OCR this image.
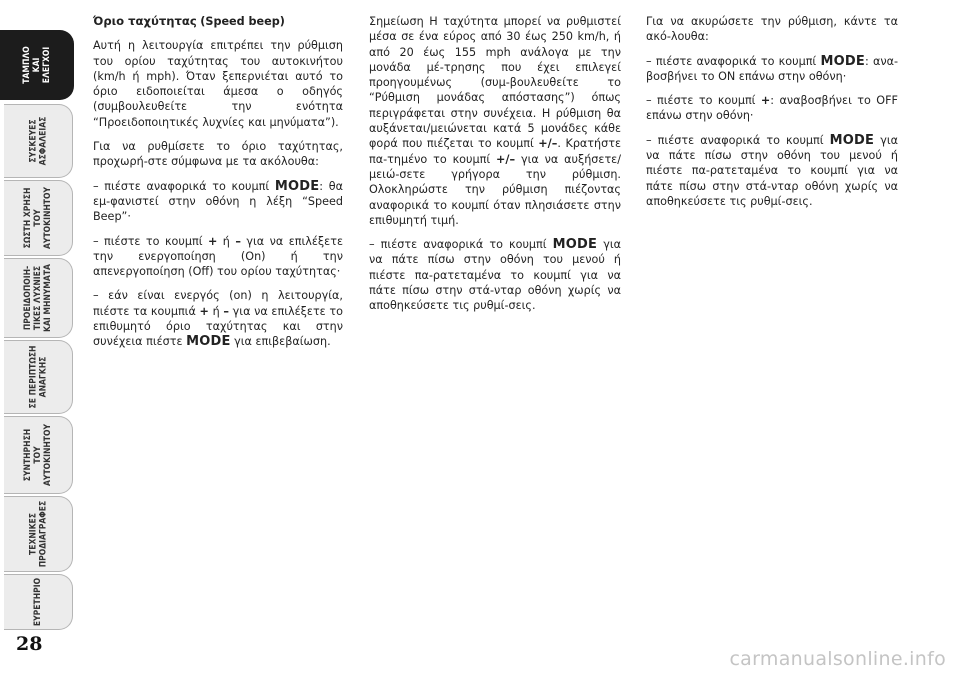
ΤΑΜΠΛΟ
ΚΑΙ
ΕΛΕΓΧΟΙ
ΣΥΣΚΕΥΕΣ
ΑΣΦΑΛΕΙΑΣ
ΣΩΣΤΗ ΧΡΗΣΗ
ΤΟΥ
ΑΥΤΟΚΙΝΗΤΟΥ
ΠΡΟΕΙΔΟΠΟΙΗ-
ΤΙΚΕΣ ΛΥΧΝΙΕΣ
ΚΑΙ ΜΗΝΥΜΑΤΑ
ΣΕ ΠΕΡΙΠΤΩΣΗ
ΑΝΑΓΚΗΣ
ΣΥΝΤΗΡΗΣΗ
ΤΟΥ
ΑΥΤΟΚΙΝΗΤΟΥ
ΤΕΧΝΙΚΕΣ
ΠΡΟΔΙΑΓΡΑΦΕΣ
ΕΥΡΕΤΗΡΙΟ
28

Όριο ταχύτητας (Speed beep)

Αυτή η λειτουργία επιτρέπει την ρύθμιση του ορίου ταχύτητας του αυτοκινήτου (km/h ή mph). Όταν ξεπερνιέται αυτό το όριο ειδοποιείται άμεσα ο οδηγός (συμβουλευθείτε την ενότητα “Προειδοποιητικές λυχνίες και μηνύματα”).

Για να ρυθμίσετε το όριο ταχύτητας, προχωρή-στε σύμφωνα με τα ακόλουθα:

– πιέστε αναφορικά το κουμπί MODE: θα εμ-φανιστεί στην οθόνη η λέξη “Speed Beep”·

– πιέστε το κουμπί + ή – για να επιλέξετε την ενεργοποίηση (On) ή την απενεργοποίηση (Off) του ορίου ταχύτητας·

– εάν είναι ενεργός (on) η λειτουργία, πιέστε τα κουμπιά + ή – για να επιλέξετε το επιθυμητό όριο ταχύτητας και στην συνέχεια πιέστε MODE για επιβεβαίωση.

Σημείωση Η ταχύτητα μπορεί να ρυθμιστεί μέσα σε ένα εύρος από 30 έως 250 km/h, ή από 20 έως 155 mph ανάλογα με την μονάδα μέ-τρησης που έχει επιλεγεί προηγουμένως (συμ-βουλευθείτε το “Ρύθμιση μονάδας απόστασης”) όπως περιγράφεται στην συνέχεια. Η ρύθμιση θα αυξάνεται/μειώνεται κατά 5 μονάδες κάθε φορά που πιέζεται το κουμπί +/–. Κρατήστε πα-τημένο το κουμπί +/– για να αυξήσετε/μειώ-σετε γρήγορα την ρύθμιση. Ολοκληρώστε την ρύθμιση πιέζοντας αναφορικά το κουμπί όταν πλησιάσετε στην επιθυμητή τιμή.

– πιέστε αναφορικά το κουμπί MODE για να πάτε πίσω στην οθόνη του μενού ή πιέστε πα-ρατεταμένα το κουμπί για να πάτε πίσω στην στά-νταρ οθόνη χωρίς να αποθηκεύσετε τις ρυθμί-σεις.

Για να ακυρώσετε την ρύθμιση, κάντε τα ακό-λουθα:

– πιέστε αναφορικά το κουμπί MODE: ανα-βοσβήνει το ON επάνω στην οθόνη·

– πιέστε το κουμπί +: αναβοσβήνει το OFF επάνω στην οθόνη·

– πιέστε αναφορικά το κουμπί MODE για να πάτε πίσω στην οθόνη του μενού ή πιέστε πα-ρατεταμένα το κουμπί για να πάτε πίσω στην στά-νταρ οθόνη χωρίς να αποθηκεύσετε τις ρυθμί-σεις.

carmanualsonline.info
